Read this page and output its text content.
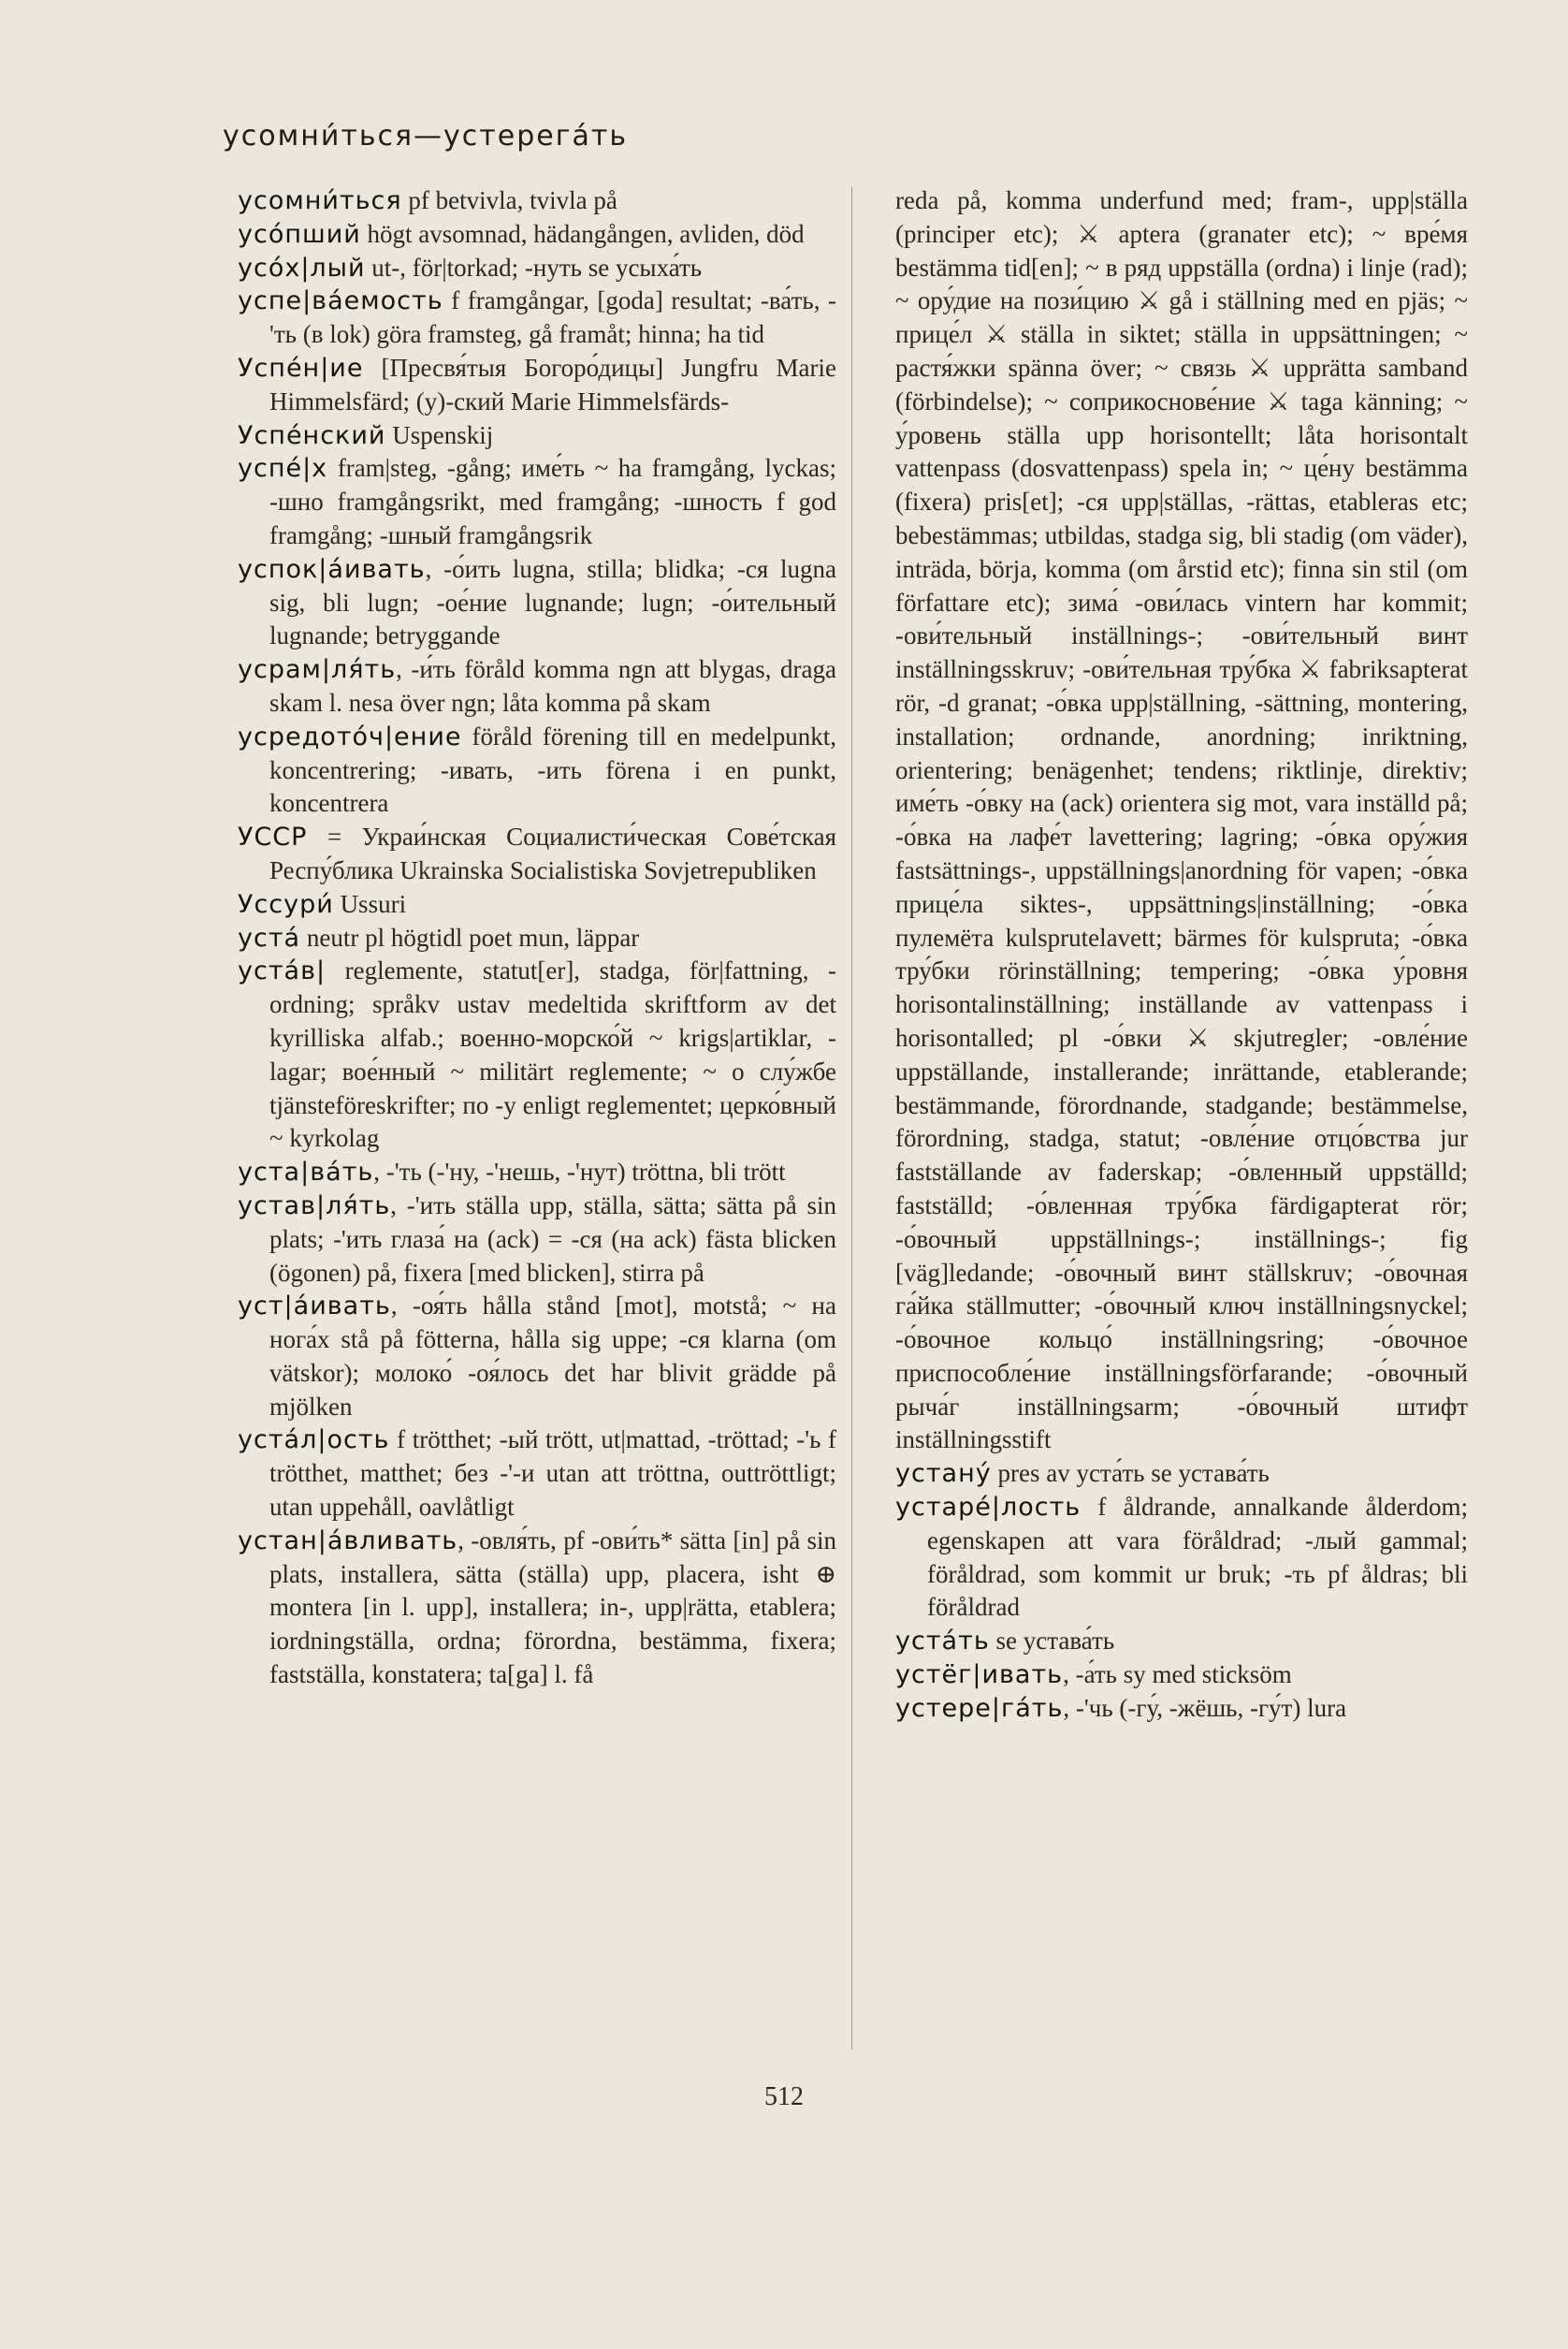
усомни́ться—устерега́ть

усомни́ться pf betvivla, tvivla på

усо́пший högt avsomnad, hädangången, avliden, död

усо́х|лый ut-, för|torkad; -нуть se усыха́ть

успе|ва́емость f framgångar, [goda] resultat; -ва́ть, -'ть (в lok) göra framsteg, gå framåt; hinna; ha tid

Успе́н|ие [Пресвя́тыя Богоро́дицы] Jungfru Marie Himmelsfärd; (у)-ский Marie Himmelsfärds-

Успе́нский Uspenskij

успе́|х fram|steg, -gång; име́ть ~ ha framgång, lyckas; -шно framgångsrikt, med framgång; -шность f god framgång; -шный framgångsrik

успок|а́ивать, -о́ить lugna, stilla; blidka; -ся lugna sig, bli lugn; -oе́ние lugnande; lugn; -о́ительный lugnande; betryggande

усрам|ля́ть, -и́ть föråld komma ngn att blygas, draga skam l. nesa över ngn; låta komma på skam

усредото́ч|ение föråld förening till en medelpunkt, koncentrering; -ивать, -ить förena i en punkt, koncentrera

УССР = Украи́нская Социалисти́ческая Сове́тская Респу́блика Ukrainska Socialistiska Sovjetrepubliken

Уссури́ Ussuri

уста́ neutr pl högtidl poet mun, läppar

уста́в| reglemente, statut[er], stadga, för|fattning, -ordning; språkv ustav medeltida skriftform av det kyrilliska alfab.; военно-морско́й ~ krigs|artiklar, -lagar; вое́нный ~ militärt reglemente; ~ о слу́жбе tjänsteföreskrifter; по -у enligt reglementet; церко́вный ~ kyrkolag

уста|ва́ть, -'ть (-'ну, -'нешь, -'нут) tröttna, bli trött

устав|ля́ть, -'ить ställa upp, ställa, sätta; sätta på sin plats; -'ить глаза́ на (ack) = -ся (на ack) fästa blicken (ögonen) på, fixera [med blicken], stirra på

уст|а́ивать, -оя́ть hålla stånd [mot], motstå; ~ на нога́х stå på fötterna, hålla sig uppe; -ся klarna (om vätskor); молоко́ -оя́лось det har blivit grädde på mjölken

уста́л|ость f trötthet; -ый trött, ut|mattad, -tröttad; -'ь f trötthet, matthet; без -'-и utan att tröttna, outtröttligt; utan uppehåll, oavlåtligt

устан|а́вливать, -овля́ть, pf -ови́ть* sätta [in] på sin plats, installera, sätta (ställa) upp, placera, isht ⊕ montera [in l. upp], installera; in-, upp|rätta, etablera; iordningställa, ordna; förordna, bestämma, fixera; fastställa, konstatera; ta[ga] l. få

reda på, komma underfund med; fram-, upp|ställa (principer etc); ⚔ aptera (granater etc); ~ вре́мя bestämma tid[en]; ~ в ряд uppställa (ordna) i linje (rad); ~ ору́дие на пози́цию ⚔ gå i ställning med en pjäs; ~ прице́л ⚔ ställa in siktet; ställa in uppsättningen; ~ растя́жки spänna över; ~ связь ⚔ upprätta samband (förbindelse); ~ соприкоснове́ние ⚔ taga känning; ~ у́ровень ställa upp horisontellt; låta horisontalt vattenpass (dosvattenpass) spela in; ~ це́ну bestämma (fixera) pris[et]; -ся upp|ställas, -rättas, etableras etc; bebestämmas; utbildas, stadga sig, bli stadig (om väder), inträda, börja, komma (om årstid etc); finna sin stil (om författare etc); зима́ -ови́лась vintern har kommit; -ови́тельный inställnings-; -ови́тельный винт inställningsskruv; -ови́тельная тру́бка ⚔ fabriksapterat rör, -d granat; -о́вка upp|ställning, -sättning, montering, installation; ordnande, anordning; inriktning, orientering; benägenhet; tendens; riktlinje, direktiv; име́ть -о́вку на (ack) orientera sig mot, vara inställd på; -о́вка на лафе́т lavettering; lagring; -о́вка ору́жия fastsättnings-, uppställnings|anordning för vapen; -о́вка прице́ла siktes-, uppsättnings|inställning; -о́вка пулемёта kulsprutelavett; bärmes för kulspruta; -о́вка тру́бки rörinställning; tempering; -о́вка у́ровня horisontalinställning; inställande av vattenpass i horisontalled; pl -о́вки ⚔ skjutregler; -овле́ние uppställande, installerande; inrättande, etablerande; bestämmande, förordnande, stadgande; bestämmelse, förordning, stadga, statut; -овле́ние отцо́вства jur fastställande av faderskap; -о́вленный uppställd; fastställd; -о́вленная тру́бка färdigapterat rör; -о́вочный uppställnings-; inställnings-; fig [väg]ledande; -о́вочный винт ställskruv; -о́вочная га́йка ställmutter; -о́вочный ключ inställningsnyckel; -о́вочное кольцо́ inställningsring; -о́вочное приспособле́ние inställningsförfarande; -о́вочный рыча́г inställningsarm; -о́вочный штифт inställningsstift

устану́ pres av уста́ть se устава́ть

устаре́|лость f åldrande, annalkande ålderdom; egenskapen att vara föråldrad; -лый gammal; föråldrad, som kommit ur bruk; -ть pf åldras; bli föråldrad

уста́ть se устава́ть

устёг|ивать, -а́ть sy med sticksöm

устере|га́ть, -'чь (-гу́, -жёшь, -гу́т) lura

512
